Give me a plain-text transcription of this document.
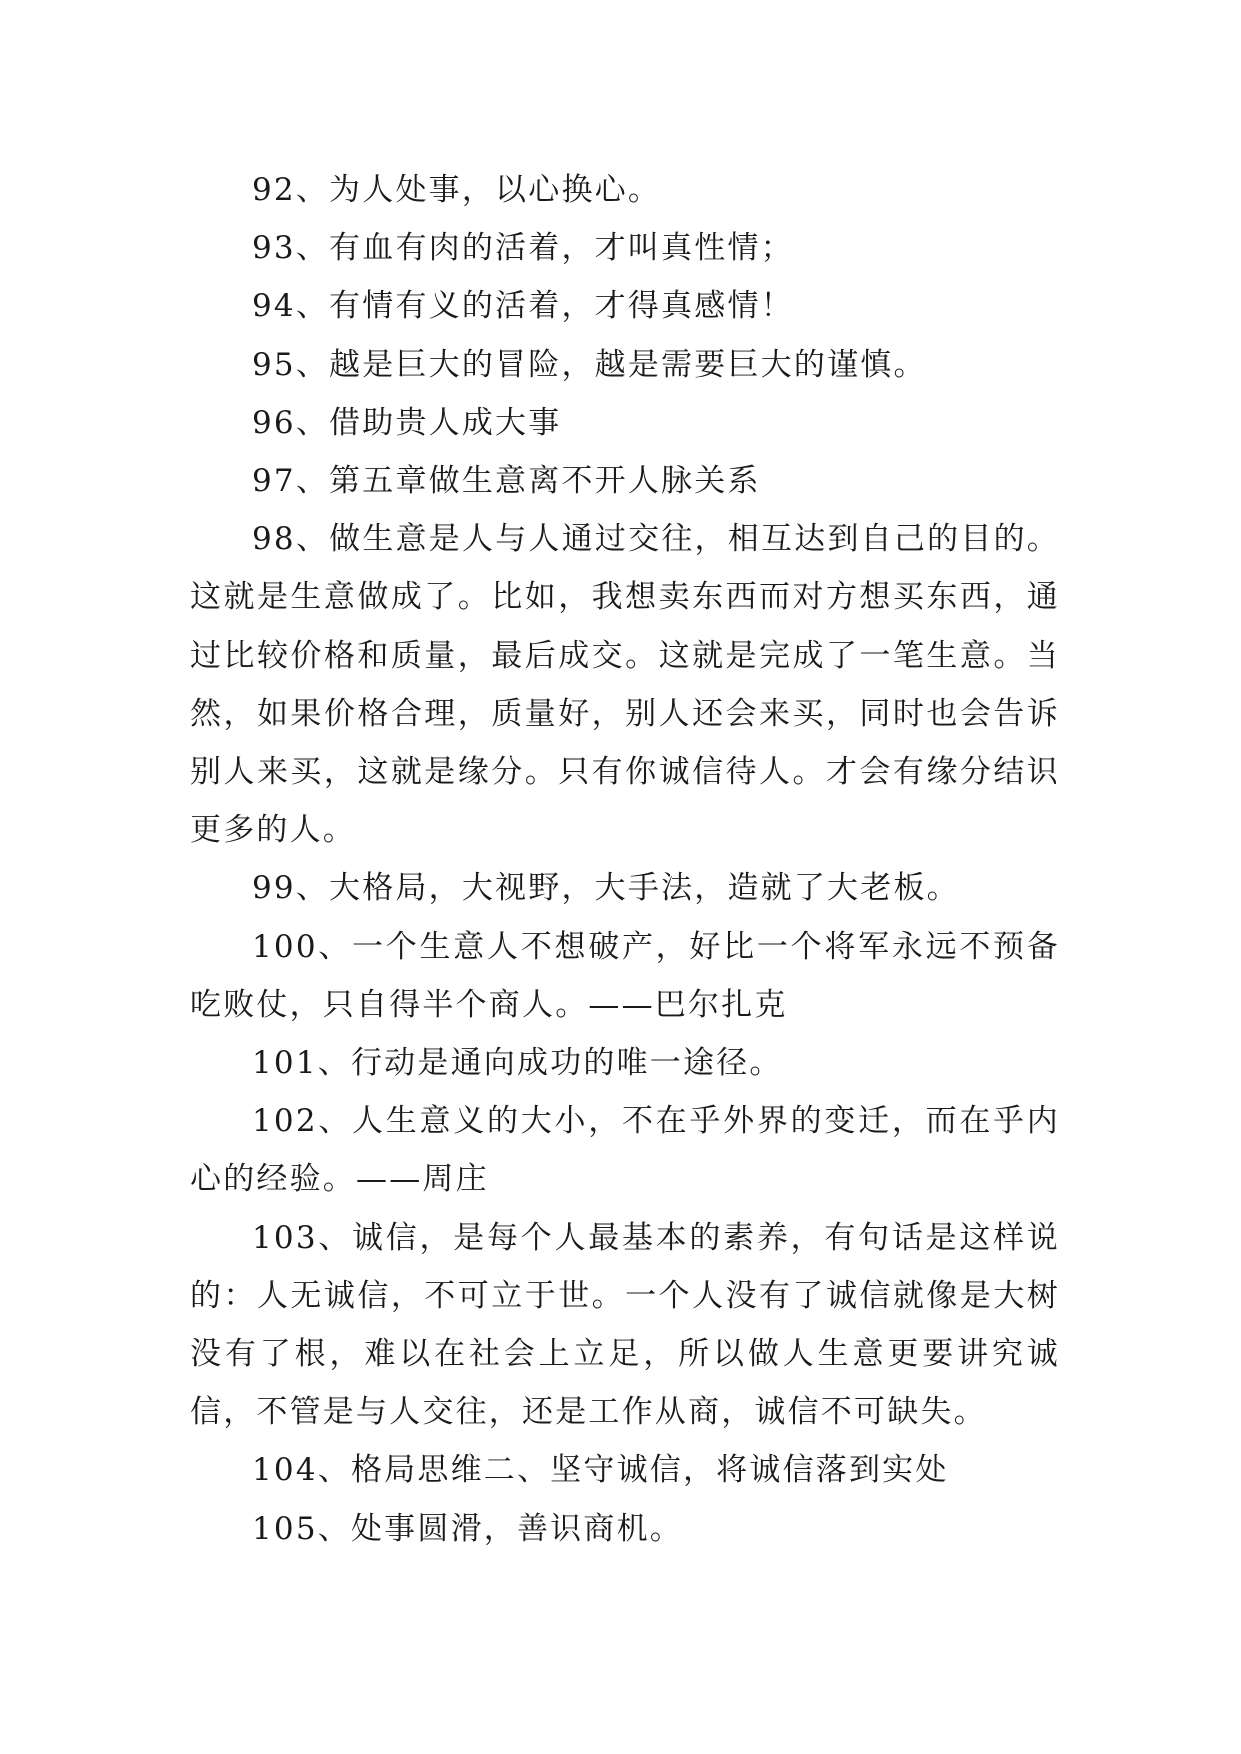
92、为人处事，以心换心。

93、有血有肉的活着，才叫真性情；

94、有情有义的活着，才得真感情！

95、越是巨大的冒险，越是需要巨大的谨慎。

96、借助贵人成大事

97、第五章做生意离不开人脉关系

98、做生意是人与人通过交往，相互达到自己的目的。这就是生意做成了。比如，我想卖东西而对方想买东西，通过比较价格和质量，最后成交。这就是完成了一笔生意。当然，如果价格合理，质量好，别人还会来买，同时也会告诉别人来买，这就是缘分。只有你诚信待人。才会有缘分结识更多的人。

99、大格局，大视野，大手法，造就了大老板。

100、一个生意人不想破产，好比一个将军永远不预备吃败仗，只自得半个商人。——巴尔扎克

101、行动是通向成功的唯一途径。

102、人生意义的大小，不在乎外界的变迁，而在乎内心的经验。——周庄

103、诚信，是每个人最基本的素养，有句话是这样说的：人无诚信，不可立于世。一个人没有了诚信就像是大树没有了根，难以在社会上立足，所以做人生意更要讲究诚信，不管是与人交往，还是工作从商，诚信不可缺失。

104、格局思维二、坚守诚信，将诚信落到实处

105、处事圆滑，善识商机。
